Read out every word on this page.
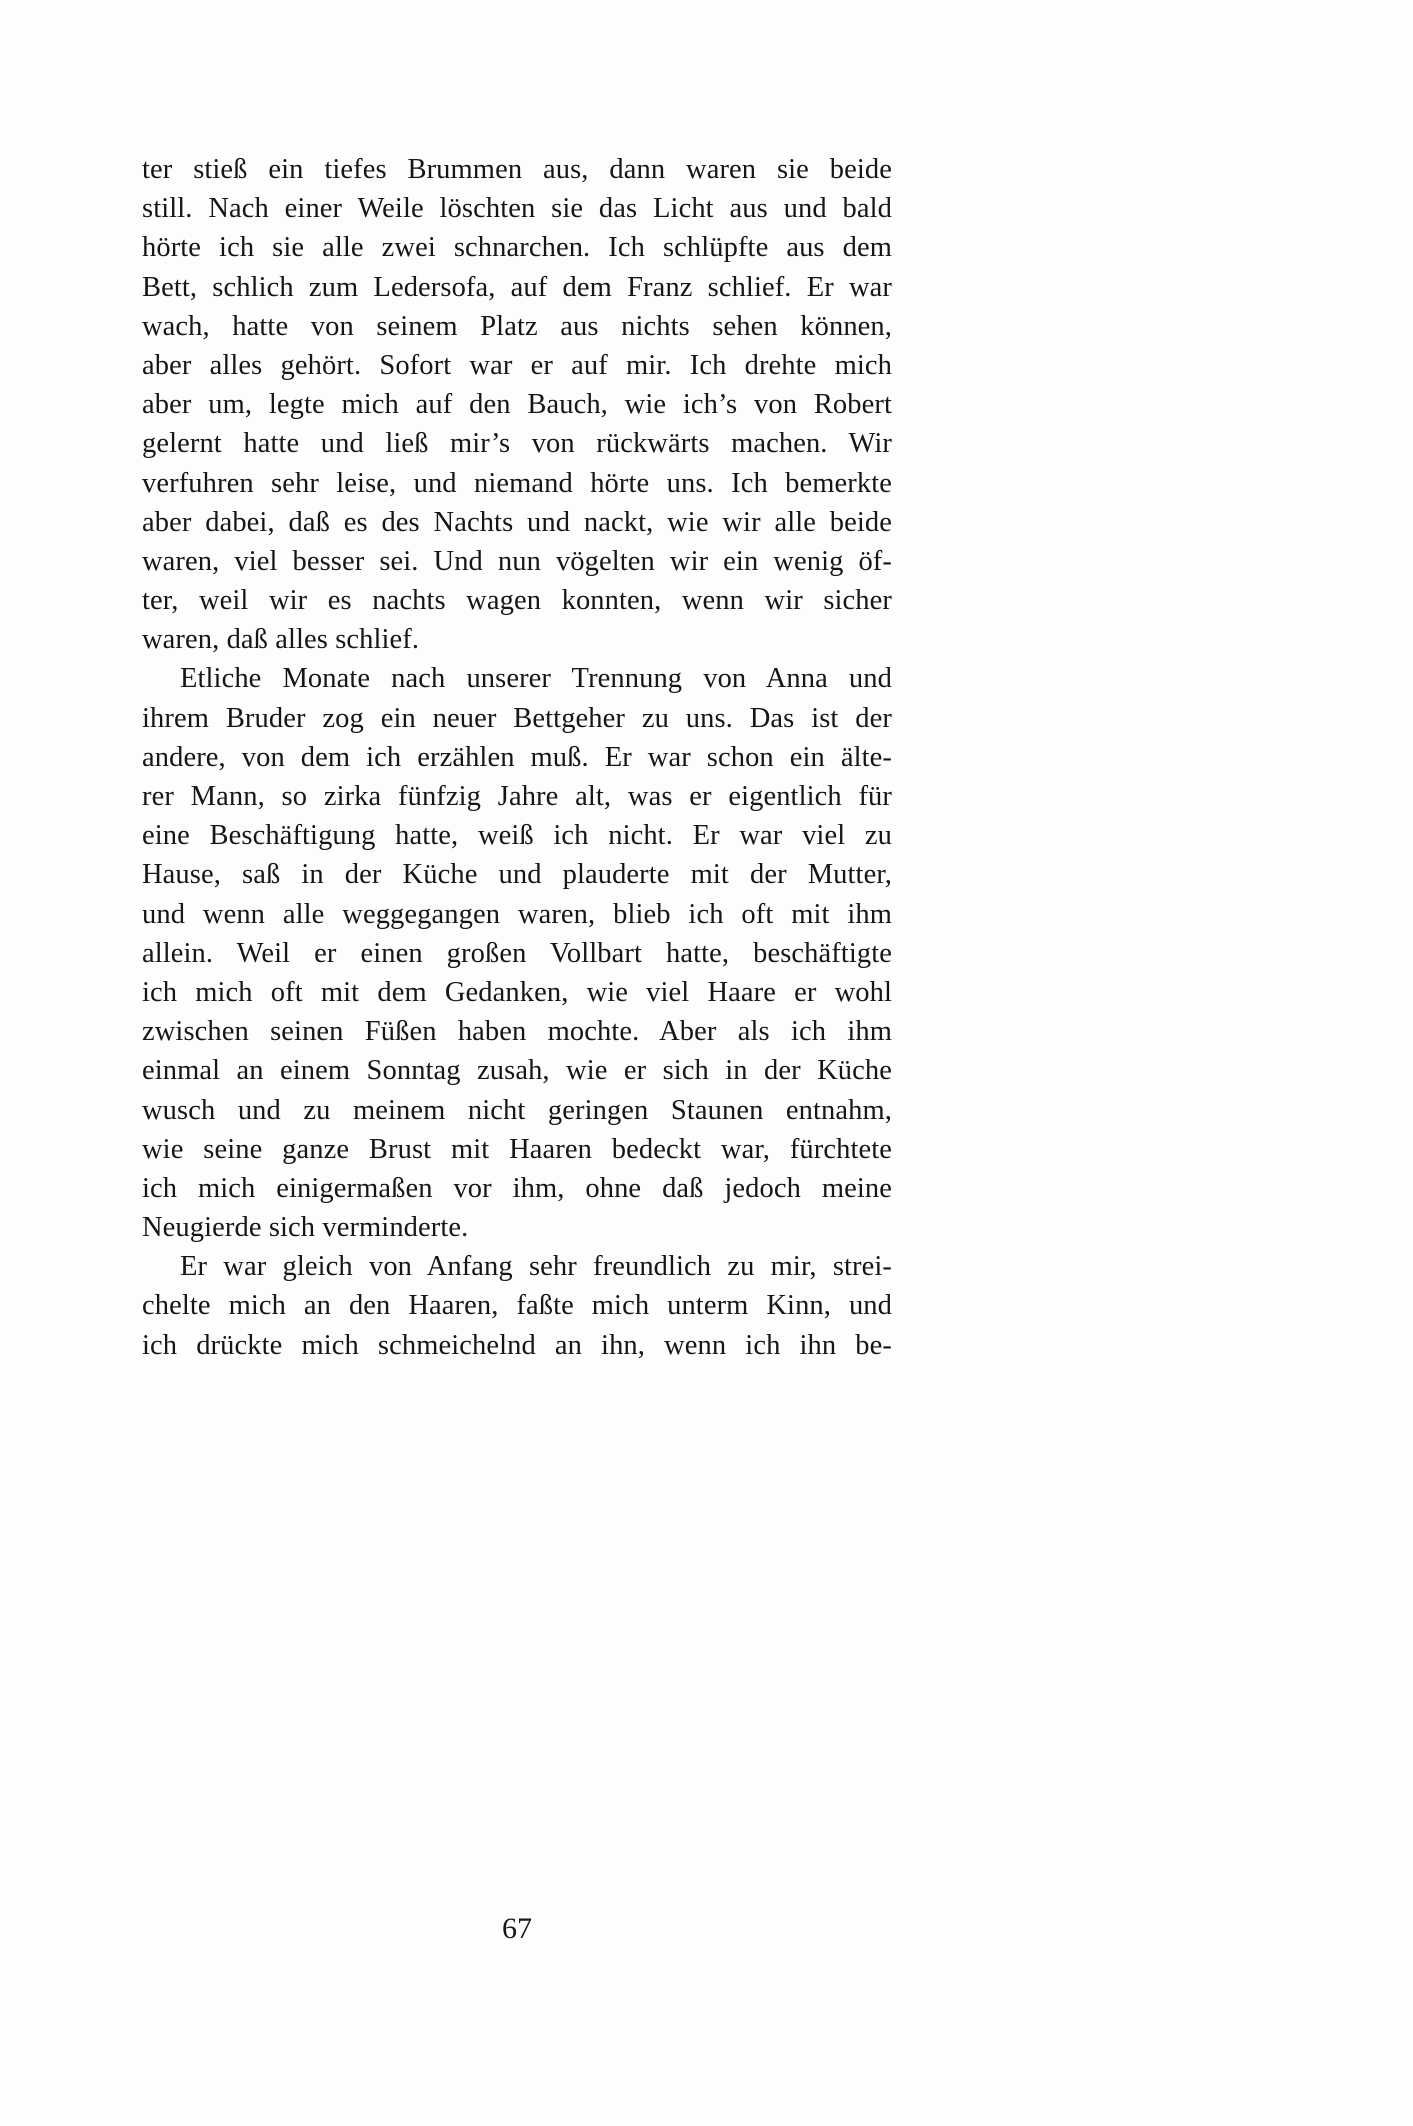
ter stieß ein tiefes Brummen aus, dann waren sie beide
still. Nach einer Weile löschten sie das Licht aus und bald
hörte ich sie alle zwei schnarchen. Ich schlüpfte aus dem
Bett, schlich zum Ledersofa, auf dem Franz schlief. Er war
wach, hatte von seinem Platz aus nichts sehen können,
aber alles gehört. Sofort war er auf mir. Ich drehte mich
aber um, legte mich auf den Bauch, wie ich’s von Robert
gelernt hatte und ließ mir’s von rückwärts machen. Wir
verfuhren sehr leise, und niemand hörte uns. Ich bemerkte
aber dabei, daß es des Nachts und nackt, wie wir alle beide
waren, viel besser sei. Und nun vögelten wir ein wenig öf-
ter, weil wir es nachts wagen konnten, wenn wir sicher
waren, daß alles schlief.
Etliche Monate nach unserer Trennung von Anna und
ihrem Bruder zog ein neuer Bettgeher zu uns. Das ist der
andere, von dem ich erzählen muß. Er war schon ein älte-
rer Mann, so zirka fünfzig Jahre alt, was er eigentlich für
eine Beschäftigung hatte, weiß ich nicht. Er war viel zu
Hause, saß in der Küche und plauderte mit der Mutter,
und wenn alle weggegangen waren, blieb ich oft mit ihm
allein. Weil er einen großen Vollbart hatte, beschäftigte
ich mich oft mit dem Gedanken, wie viel Haare er wohl
zwischen seinen Füßen haben mochte. Aber als ich ihm
einmal an einem Sonntag zusah, wie er sich in der Küche
wusch und zu meinem nicht geringen Staunen entnahm,
wie seine ganze Brust mit Haaren bedeckt war, fürchtete
ich mich einigermaßen vor ihm, ohne daß jedoch meine
Neugierde sich verminderte.
Er war gleich von Anfang sehr freundlich zu mir, strei-
chelte mich an den Haaren, faßte mich unterm Kinn, und
ich drückte mich schmeichelnd an ihn, wenn ich ihn be-
67
